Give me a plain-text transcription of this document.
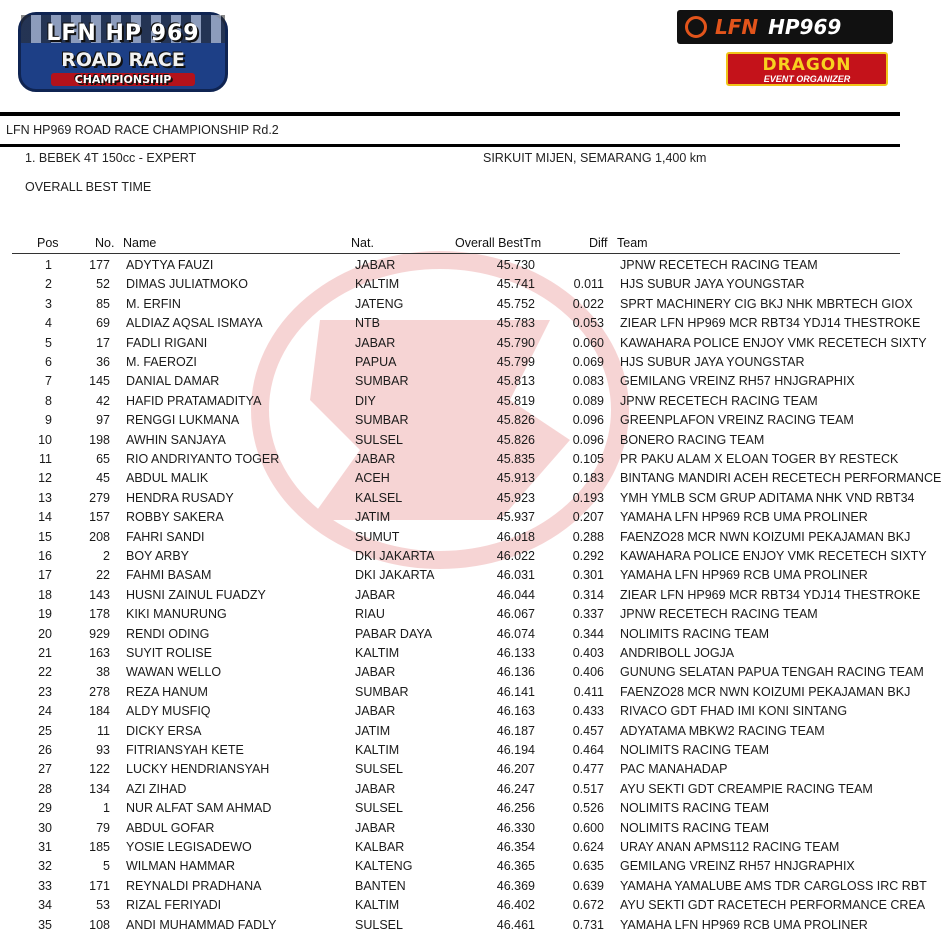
LFN HP 969
ROAD RACE
CHAMPIONSHIP
LFN HP969
DRAGON
EVENT ORGANIZER
LFN HP969 ROAD RACE CHAMPIONSHIP Rd.2
1. BEBEK 4T 150cc - EXPERT	SIRKUIT MIJEN, SEMARANG 1,400 km
OVERALL BEST TIME
Pos	No. Name	Nat.	Overall BestTm	Diff Team
1	177 ADYTYA FAUZI	JABAR	45.730	JPNW RECETECH RACING TEAM
2	52 DIMAS JULIATMOKO	KALTIM	45.741	0.011 HJS SUBUR JAYA YOUNGSTAR
3	85 M. ERFIN	JATENG	45.752	0.022 SPRT MACHINERY CIG BKJ NHK MBRTECH GIOX
4	69 ALDIAZ AQSAL ISMAYA	NTB	45.783	0.053 ZIEAR LFN HP969 MCR RBT34 YDJ14 THESTROKE
5	17 FADLI RIGANI	JABAR	45.790	0.060 KAWAHARA POLICE ENJOY VMK RECETECH SIXTY
6	36 M. FAEROZI	PAPUA	45.799	0.069 HJS SUBUR JAYA YOUNGSTAR
7	145 DANIAL DAMAR	SUMBAR	45.813	0.083 GEMILANG VREINZ RH57 HNJGRAPHIX
8	42 HAFID PRATAMADITYA	DIY	45.819	0.089 JPNW RECETECH RACING TEAM
9	97 RENGGI LUKMANA	SUMBAR	45.826	0.096 GREENPLAFON VREINZ RACING TEAM
10	198 AWHIN SANJAYA	SULSEL	45.826	0.096 BONERO RACING TEAM
11	65 RIO ANDRIYANTO TOGER	JABAR	45.835	0.105 PR PAKU ALAM X ELOAN TOGER BY RESTECK
12	45 ABDUL MALIK	ACEH	45.913	0.183 BINTANG MANDIRI ACEH RECETECH PERFORMANCE
13	279 HENDRA RUSADY	KALSEL	45.923	0.193 YMH YMLB SCM GRUP ADITAMA NHK VND RBT34
14	157 ROBBY SAKERA	JATIM	45.937	0.207 YAMAHA LFN HP969 RCB UMA PROLINER
15	208 FAHRI SANDI	SUMUT	46.018	0.288 FAENZO28 MCR NWN KOIZUMI PEKAJAMAN BKJ
16	2 BOY ARBY	DKI JAKARTA	46.022	0.292 KAWAHARA POLICE ENJOY VMK RECETECH SIXTY
17	22 FAHMI BASAM	DKI JAKARTA	46.031	0.301 YAMAHA LFN HP969 RCB UMA PROLINER
18	143 HUSNI ZAINUL FUADZY	JABAR	46.044	0.314 ZIEAR LFN HP969 MCR RBT34 YDJ14 THESTROKE
19	178 KIKI MANURUNG	RIAU	46.067	0.337 JPNW RECETECH RACING TEAM
20	929 RENDI ODING	PABAR DAYA	46.074	0.344 NOLIMITS RACING TEAM
21	163 SUYIT ROLISE	KALTIM	46.133	0.403 ANDRIBOLL JOGJA
22	38 WAWAN WELLO	JABAR	46.136	0.406 GUNUNG SELATAN PAPUA TENGAH RACING TEAM
23	278 REZA HANUM	SUMBAR	46.141	0.411 FAENZO28 MCR NWN KOIZUMI PEKAJAMAN BKJ
24	184 ALDY MUSFIQ	JABAR	46.163	0.433 RIVACO GDT FHAD IMI KONI SINTANG
25	11 DICKY ERSA	JATIM	46.187	0.457 ADYATAMA MBKW2 RACING TEAM
26	93 FITRIANSYAH KETE	KALTIM	46.194	0.464 NOLIMITS RACING TEAM
27	122 LUCKY HENDRIANSYAH	SULSEL	46.207	0.477 PAC MANAHADAP
28	134 AZI ZIHAD	JABAR	46.247	0.517 AYU SEKTI GDT CREAMPIE RACING TEAM
29	1 NUR ALFAT SAM AHMAD	SULSEL	46.256	0.526 NOLIMITS RACING TEAM
30	79 ABDUL GOFAR	JABAR	46.330	0.600 NOLIMITS RACING TEAM
31	185 YOSIE LEGISADEWO	KALBAR	46.354	0.624 URAY ANAN APMS112 RACING TEAM
32	5 WILMAN HAMMAR	KALTENG	46.365	0.635 GEMILANG VREINZ RH57 HNJGRAPHIX
33	171 REYNALDI PRADHANA	BANTEN	46.369	0.639 YAMAHA YAMALUBE AMS TDR CARGLOSS IRC RBT
34	53 RIZAL FERIYADI	KALTIM	46.402	0.672 AYU SEKTI GDT RACETECH PERFORMANCE CREA
35	108 ANDI MUHAMMAD FADLY	SULSEL	46.461	0.731 YAMAHA LFN HP969 RCB UMA PROLINER
